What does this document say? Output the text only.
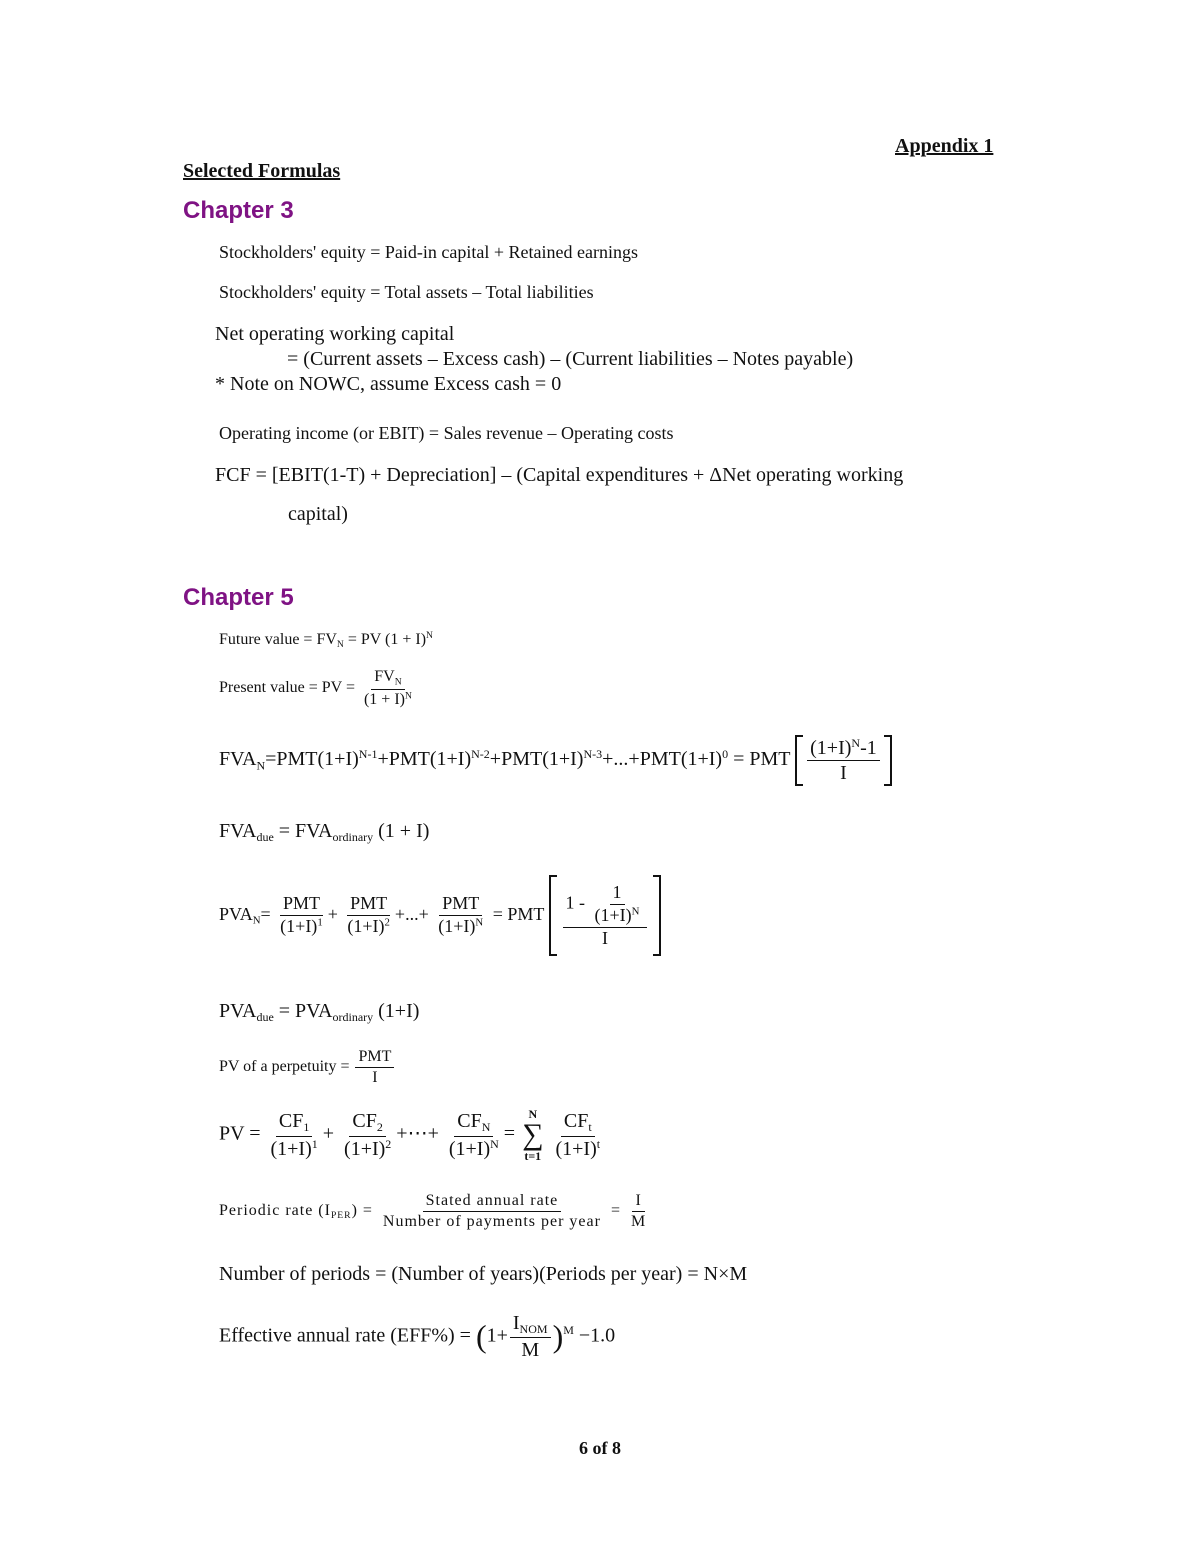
Appendix 1
Selected Formulas
Chapter 3
Stockholders' equity = Paid-in capital + Retained earnings
Stockholders' equity = Total assets – Total liabilities
Net operating working capital
= (Current assets – Excess cash) – (Current liabilities – Notes payable)
* Note on NOWC, assume Excess cash = 0
Operating income (or EBIT) = Sales revenue – Operating costs
FCF = [EBIT(1-T) + Depreciation] – (Capital expenditures + ΔNet operating working
capital)
Chapter 5
Future value = $FV_N$ = PV $(1 + I)^N$
Present value = PV = $\frac{FV_N}{(1 + I)^N}$
$FVA_N=PMT(1+I)^{N-1}+PMT(1+I)^{N-2}+PMT(1+I)^{N-3}+...+PMT(1+I)^0$ = PMT $\frac{(1+I)^N-1}{I}$
$FVA_{due} = FVA_{ordinary}$ (1 + I)
$PVA_N= \frac{\text{PMT}}{(1+I)^1} + \frac{\text{PMT}}{(1+I)^2}$ +...+ $\frac{\text{PMT}}{(1+I)^N}$ = PMT $\frac{1 - \frac{1}{(1+I)^N}}{I}$
$PVA_{due} = PVA_{ordinary}$ (1+I)
PV of a perpetuity = $\frac{\text{PMT}}{I}$
PV = $\frac{CF_1}{(1+I)^1} + \frac{CF_2}{(1+I)^2}$ +⋯+ $\frac{CF_N}{(1+I)^N}$ =
N
∑
t=1
$\frac{CF_t}{(1+I)^t}$
Periodic rate $(I_{PER}) = \frac{\text{Stated annual rate}}{\text{Number of payments per year}} = \frac{I}{M}$
Number of periods = (Number of years)(Periods per year) = N×M
Effective annual rate $(EFF\%) = (1+ \frac{I_{NOM}}{M} )^M -1.0$
6 of 8
